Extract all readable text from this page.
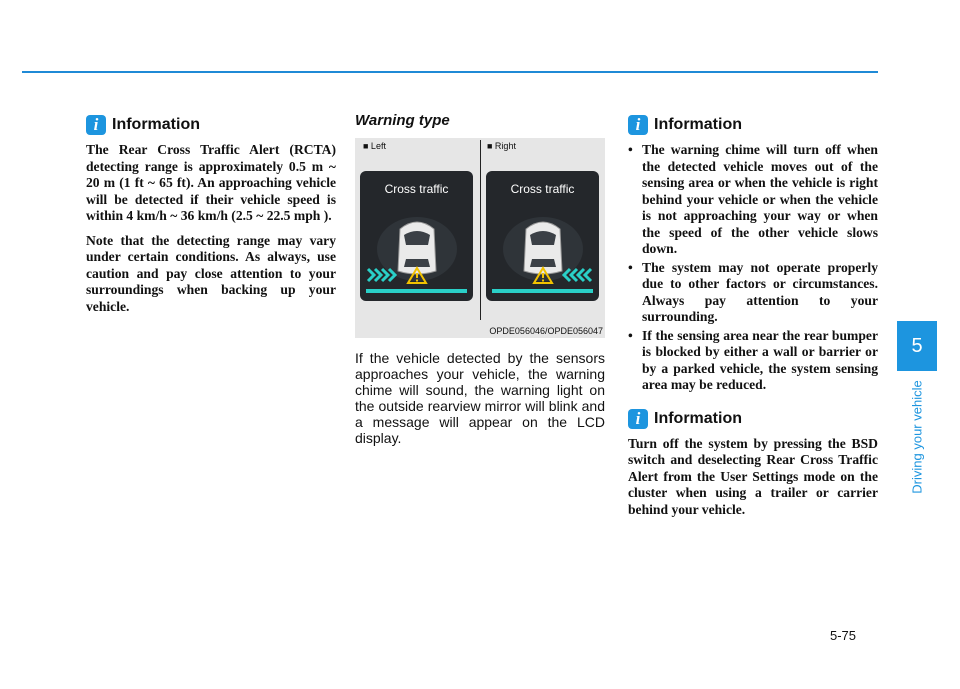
i Information

The Rear Cross Traffic Alert (RCTA) detecting range is approximately 0.5 m ~ 20 m (1 ft ~ 65 ft). An approaching vehicle will be detected if their vehicle speed is within 4 km/h ~ 36 km/h (2.5 ~ 22.5 mph ).

Note that the detecting range may vary under certain conditions. As always, use caution and pay close attention to your surroundings when backing up your vehicle.

Warning type
■ Left	■ Right
Cross traffic	Cross traffic
OPDE056046/OPDE056047

If the vehicle detected by the sensors approaches your vehicle, the warning chime will sound, the warning light on the outside rearview mirror will blink and a message will appear on the LCD display.

i Information
• The warning chime will turn off when the detected vehicle moves out of the sensing area or when the vehicle is right behind your vehicle or when the vehicle is not approaching your way or when the speed of the other vehicle slows down.
• The system may not operate properly due to other factors or circumstances. Always pay attention to your surrounding.
• If the sensing area near the rear bumper is blocked by either a wall or barrier or by a parked vehicle, the system sensing area may be reduced.
i Information

Turn off the system by pressing the BSD switch and deselecting Rear Cross Traffic Alert from the User Settings mode on the cluster when using a trailer or carrier behind your vehicle.

5
Driving your vehicle
5-75
